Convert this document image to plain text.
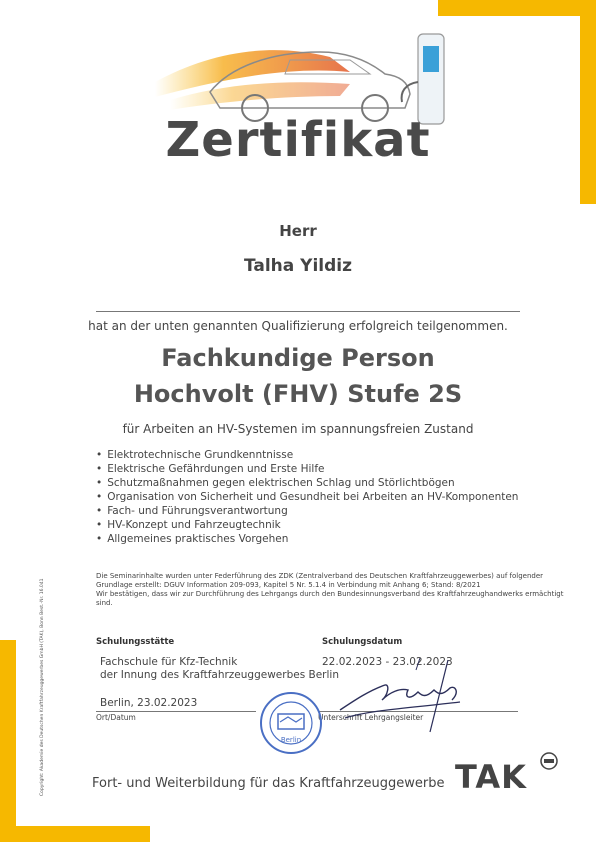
Zertifikat
Herr
Talha Yildiz
hat an der unten genannten Qualifizierung erfolgreich teilgenommen.
Fachkundige Person
Hochvolt (FHV) Stufe 2S
für Arbeiten an HV-Systemen im spannungsfreien Zustand
• Elektrotechnische Grundkenntnisse
• Elektrische Gefährdungen und Erste Hilfe
• Schutzmaßnahmen gegen elektrischen Schlag und Störlichtbögen
• Organisation von Sicherheit und Gesundheit bei Arbeiten an HV-Komponenten
• Fach- und Führungsverantwortung
• HV-Konzept und Fahrzeugtechnik
• Allgemeines praktisches Vorgehen
Die Seminarinhalte wurden unter Federführung des ZDK (Zentralverband des Deutschen Kraftfahrzeuggewerbes) auf folgender Grundlage erstellt: DGUV Information 209-093, Kapitel 5 Nr. 5.1.4 in Verbindung mit Anhang 6; Stand: 8/2021
Wir bestätigen, dass wir zur Durchführung des Lehrgangs durch den Bundesinnungsverband des Kraftfahrzeughandwerks ermächtigt sind.
Schulungsstätte
Fachschule für Kfz-Technik
der Innung des Kraftfahrzeuggewerbes Berlin
Schulungsdatum
22.02.2023 - 23.02.2023
Berlin, 23.02.2023
Ort/Datum	Unterschrift Lehrgangsleiter
Berlin
Copyright: Akademie des Deutschen Kraftfahrzeuggewerbes GmbH (TAK), Bonn Best.-Nr. 16.041	Fort- und Weiterbildung für das Kraftfahrzeuggewerbe TAK
